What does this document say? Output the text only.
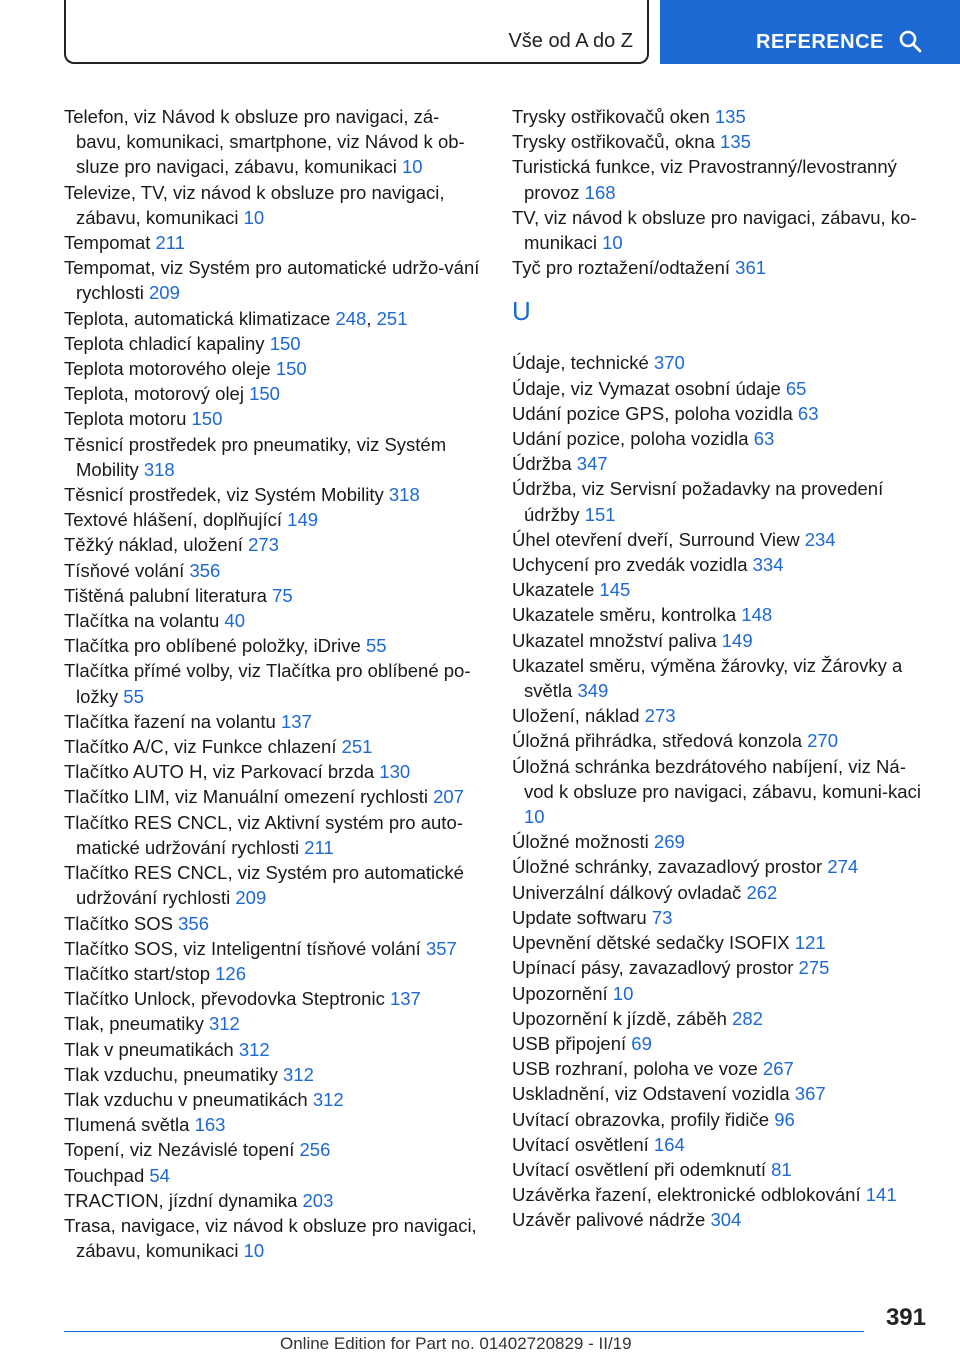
Vše od A do Z	REFERENCE
Telefon, viz Návod k obsluze pro navigaci, zá-bavu, komunikaci, smartphone, viz Návod k ob-sluze pro navigaci, zábavu, komunikaci 10
Televize, TV, viz návod k obsluze pro navigaci, zábavu, komunikaci 10
Tempomat 211
Tempomat, viz Systém pro automatické udržo-vání rychlosti 209
Teplota, automatická klimatizace 248, 251
Teplota chladicí kapaliny 150
Teplota motorového oleje 150
Teplota, motorový olej 150
Teplota motoru 150
Těsnicí prostředek pro pneumatiky, viz Systém Mobility 318
Těsnicí prostředek, viz Systém Mobility 318
Textové hlášení, doplňující 149
Těžký náklad, uložení 273
Tísňové volání 356
Tištěná palubní literatura 75
Tlačítka na volantu 40
Tlačítka pro oblíbené položky, iDrive 55
Tlačítka přímé volby, viz Tlačítka pro oblíbené po-ložky 55
Tlačítka řazení na volantu 137
Tlačítko A/C, viz Funkce chlazení 251
Tlačítko AUTO H, viz Parkovací brzda 130
Tlačítko LIM, viz Manuální omezení rychlosti 207
Tlačítko RES CNCL, viz Aktivní systém pro auto-matické udržování rychlosti 211
Tlačítko RES CNCL, viz Systém pro automatické udržování rychlosti 209
Tlačítko SOS 356
Tlačítko SOS, viz Inteligentní tísňové volání 357
Tlačítko start/stop 126
Tlačítko Unlock, převodovka Steptronic 137
Tlak, pneumatiky 312
Tlak v pneumatikách 312
Tlak vzduchu, pneumatiky 312
Tlak vzduchu v pneumatikách 312
Tlumená světla 163
Topení, viz Nezávislé topení 256
Touchpad 54
TRACTION, jízdní dynamika 203
Trasa, navigace, viz návod k obsluze pro navigaci, zábavu, komunikaci 10
Trysky ostřikovačů oken 135
Trysky ostřikovačů, okna 135
Turistická funkce, viz Pravostranný/levostranný provoz 168
TV, viz návod k obsluze pro navigaci, zábavu, ko-munikaci 10
Tyč pro roztažení/odtažení 361
U
Údaje, technické 370
Údaje, viz Vymazat osobní údaje 65
Udání pozice GPS, poloha vozidla 63
Udání pozice, poloha vozidla 63
Údržba 347
Údržba, viz Servisní požadavky na provedení údržby 151
Úhel otevření dveří, Surround View 234
Uchycení pro zvedák vozidla 334
Ukazatele 145
Ukazatele směru, kontrolka 148
Ukazatel množství paliva 149
Ukazatel směru, výměna žárovky, viz Žárovky a světla 349
Uložení, náklad 273
Úložná přihrádka, středová konzola 270
Úložná schránka bezdrátového nabíjení, viz Ná-vod k obsluze pro navigaci, zábavu, komuni-kaci 10
Úložné možnosti 269
Úložné schránky, zavazadlový prostor 274
Univerzální dálkový ovladač 262
Update softwaru 73
Upevnění dětské sedačky ISOFIX 121
Upínací pásy, zavazadlový prostor 275
Upozornění 10
Upozornění k jízdě, záběh 282
USB připojení 69
USB rozhraní, poloha ve voze 267
Uskladnění, viz Odstavení vozidla 367
Uvítací obrazovka, profily řidiče 96
Uvítací osvětlení 164
Uvítací osvětlení při odemknutí 81
Uzávěrka řazení, elektronické odblokování 141
Uzávěr palivové nádrže 304
391
Online Edition for Part no. 01402720829 - II/19
